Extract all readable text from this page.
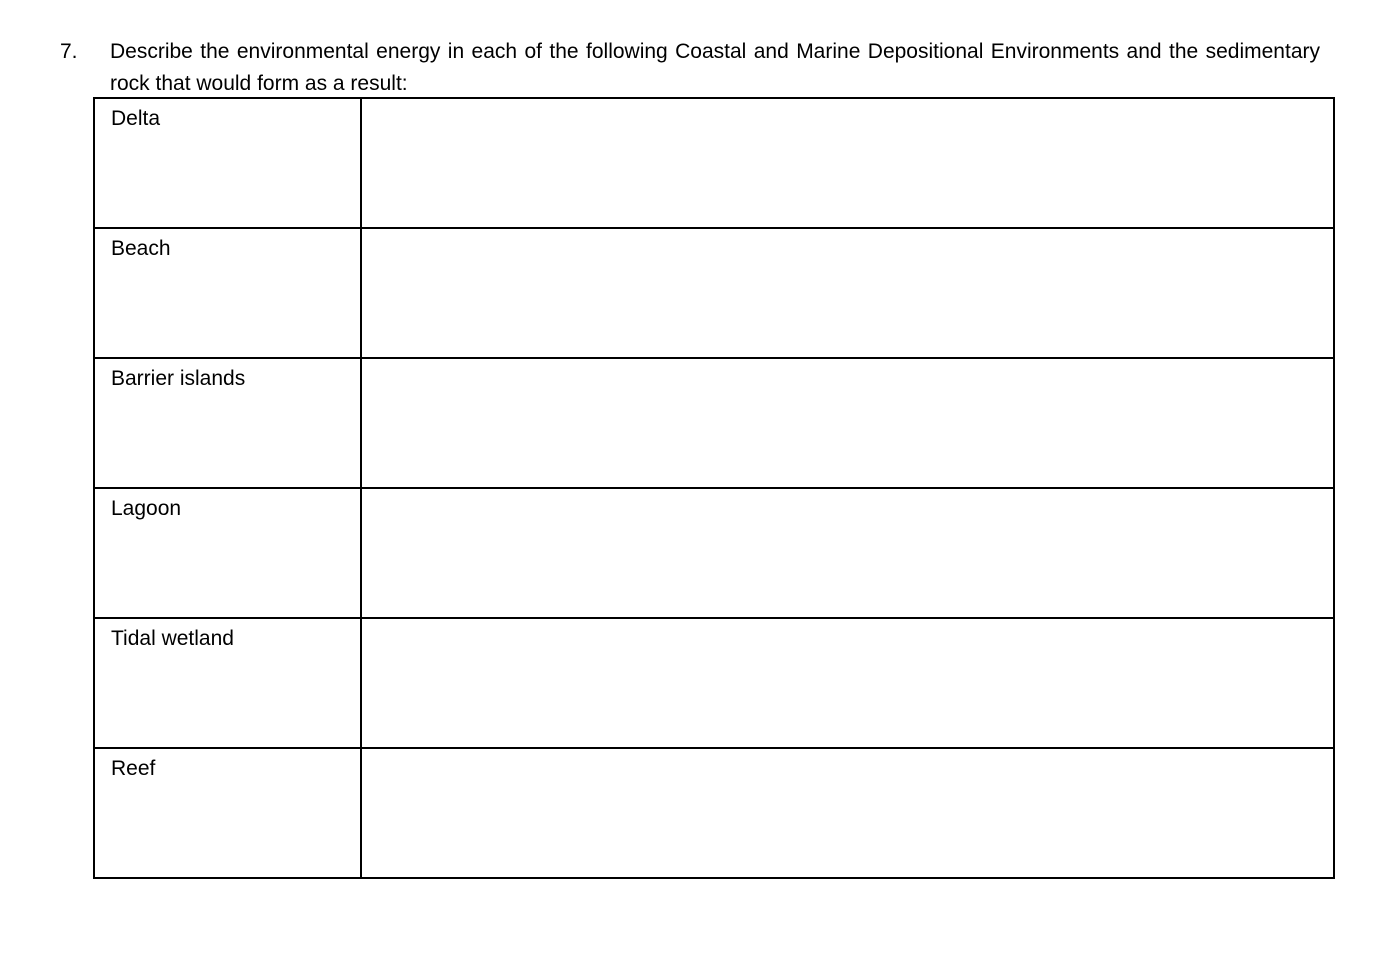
7. Describe the environmental energy in each of the following Coastal and Marine Depositional Environments and the sedimentary rock that would form as a result:
Delta	
Beach	
Barrier islands	
Lagoon	
Tidal wetland	
Reef	
